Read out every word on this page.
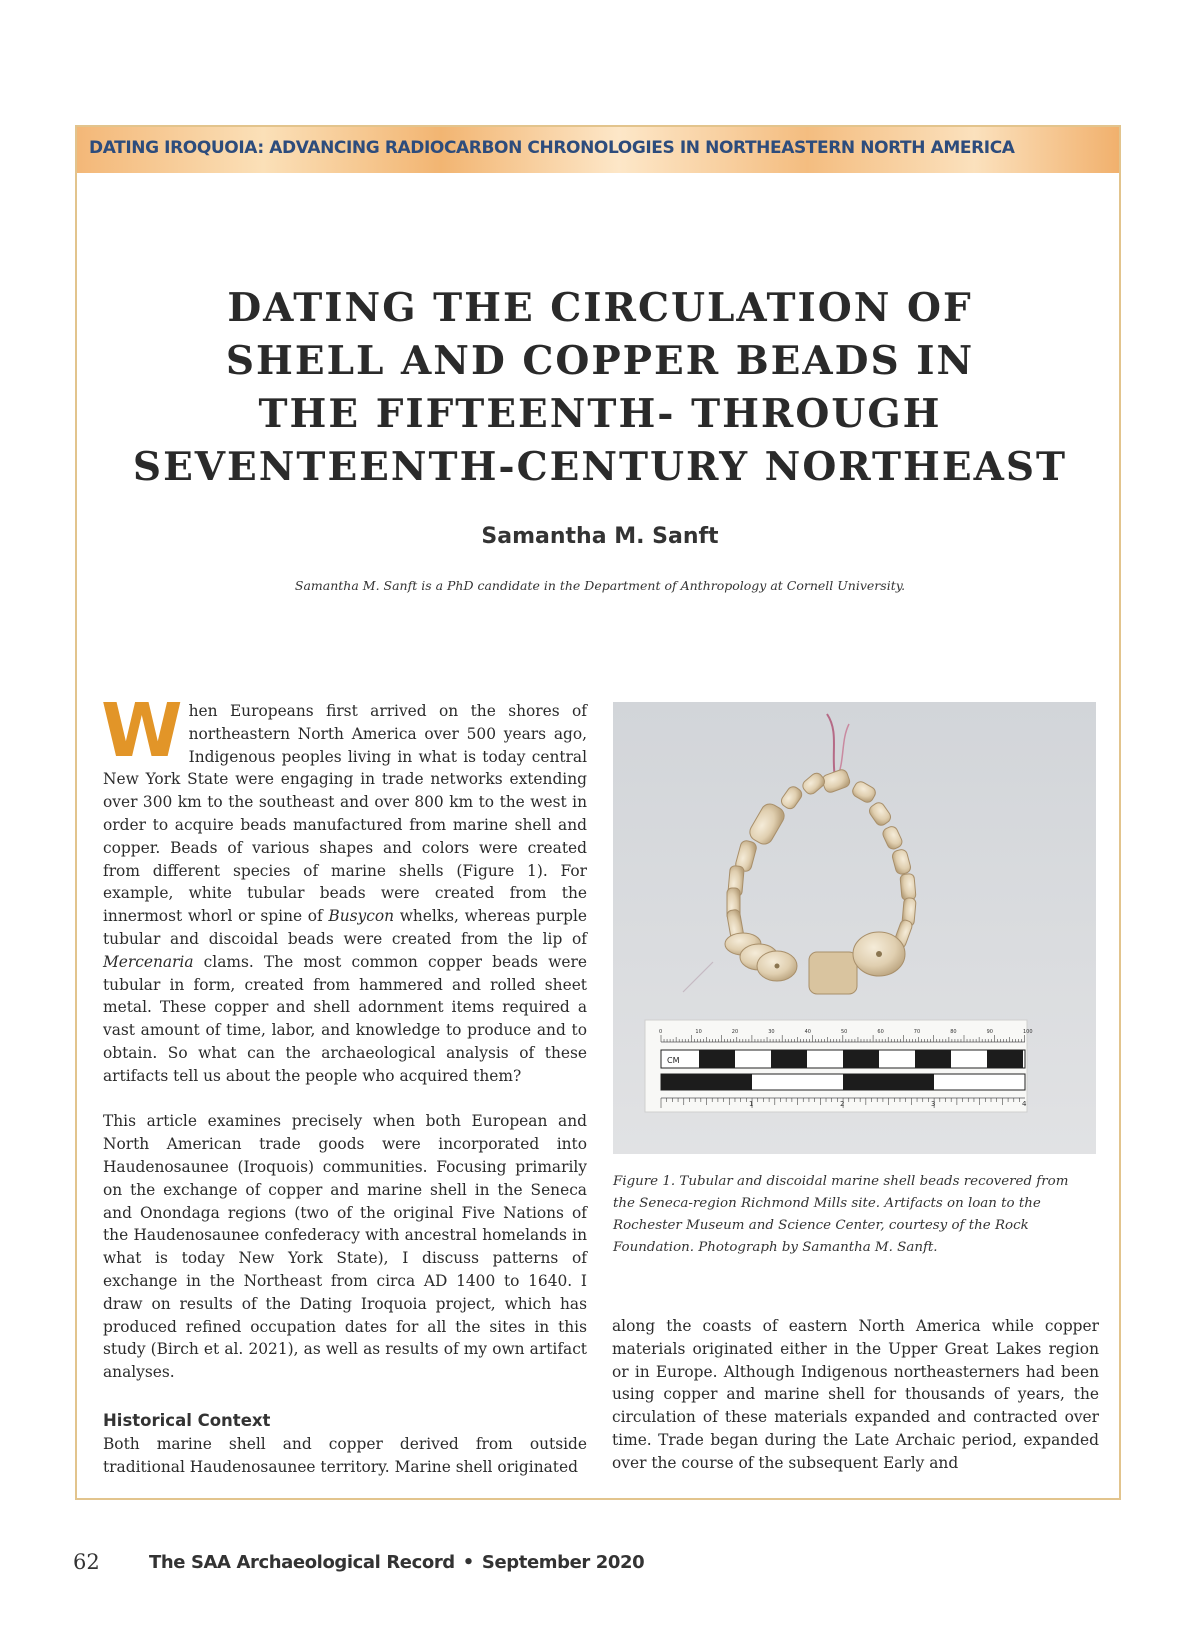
DATING IROQUOIA: ADVANCING RADIOCARBON CHRONOLOGIES IN NORTHEASTERN NORTH AMERICA
DATING THE CIRCULATION OF
SHELL AND COPPER BEADS IN
THE FIFTEENTH- THROUGH
SEVENTEENTH-CENTURY NORTHEAST
Samantha M. Sanft
Samantha M. Sanft is a PhD candidate in the Department of Anthropology at Cornell University.

When Europeans first arrived on the shores of northeastern North America over 500 years ago, Indigenous peoples living in what is today central New York State were engaging in trade networks extending over 300 km to the southeast and over 800 km to the west in order to acquire beads manufactured from marine shell and copper. Beads of various shapes and colors were created from different species of marine shells (Figure 1). For example, white tubular beads were created from the innermost whorl or spine of Busycon whelks, whereas purple tubular and discoidal beads were created from the lip of Mercenaria clams. The most common copper beads were tubular in form, created from hammered and rolled sheet metal. These copper and shell adornment items required a vast amount of time, labor, and knowledge to produce and to obtain. So what can the archaeological analysis of these artifacts tell us about the people who acquired them?

This article examines precisely when both European and North American trade goods were incorporated into Haudenosaunee (Iroquois) communities. Focusing primarily on the exchange of copper and marine shell in the Seneca and Onondaga regions (two of the original Five Nations of the Haudenosaunee confederacy with ancestral homelands in what is today New York State), I discuss patterns of exchange in the Northeast from circa AD 1400 to 1640. I draw on results of the Dating Iroquoia project, which has produced refined occupation dates for all the sites in this study (Birch et al. 2021), as well as results of my own artifact analyses.

Historical Context

Both marine shell and copper derived from outside traditional Haudenosaunee territory. Marine shell originated

CM
INCH
0	10	20	30	40	50	60	70	80	90	100
1	2	3	4
Figure 1. Tubular and discoidal marine shell beads recovered from the Seneca-region Richmond Mills site. Artifacts on loan to the Rochester Museum and Science Center, courtesy of the Rock Foundation. Photograph by Samantha M. Sanft.

along the coasts of eastern North America while copper materials originated either in the Upper Great Lakes region or in Europe. Although Indigenous northeasterners had been using copper and marine shell for thousands of years, the circulation of these materials expanded and contracted over time. Trade began during the Late Archaic period, expanded over the course of the subsequent Early and

62	The SAA Archaeological Record • September 2020
